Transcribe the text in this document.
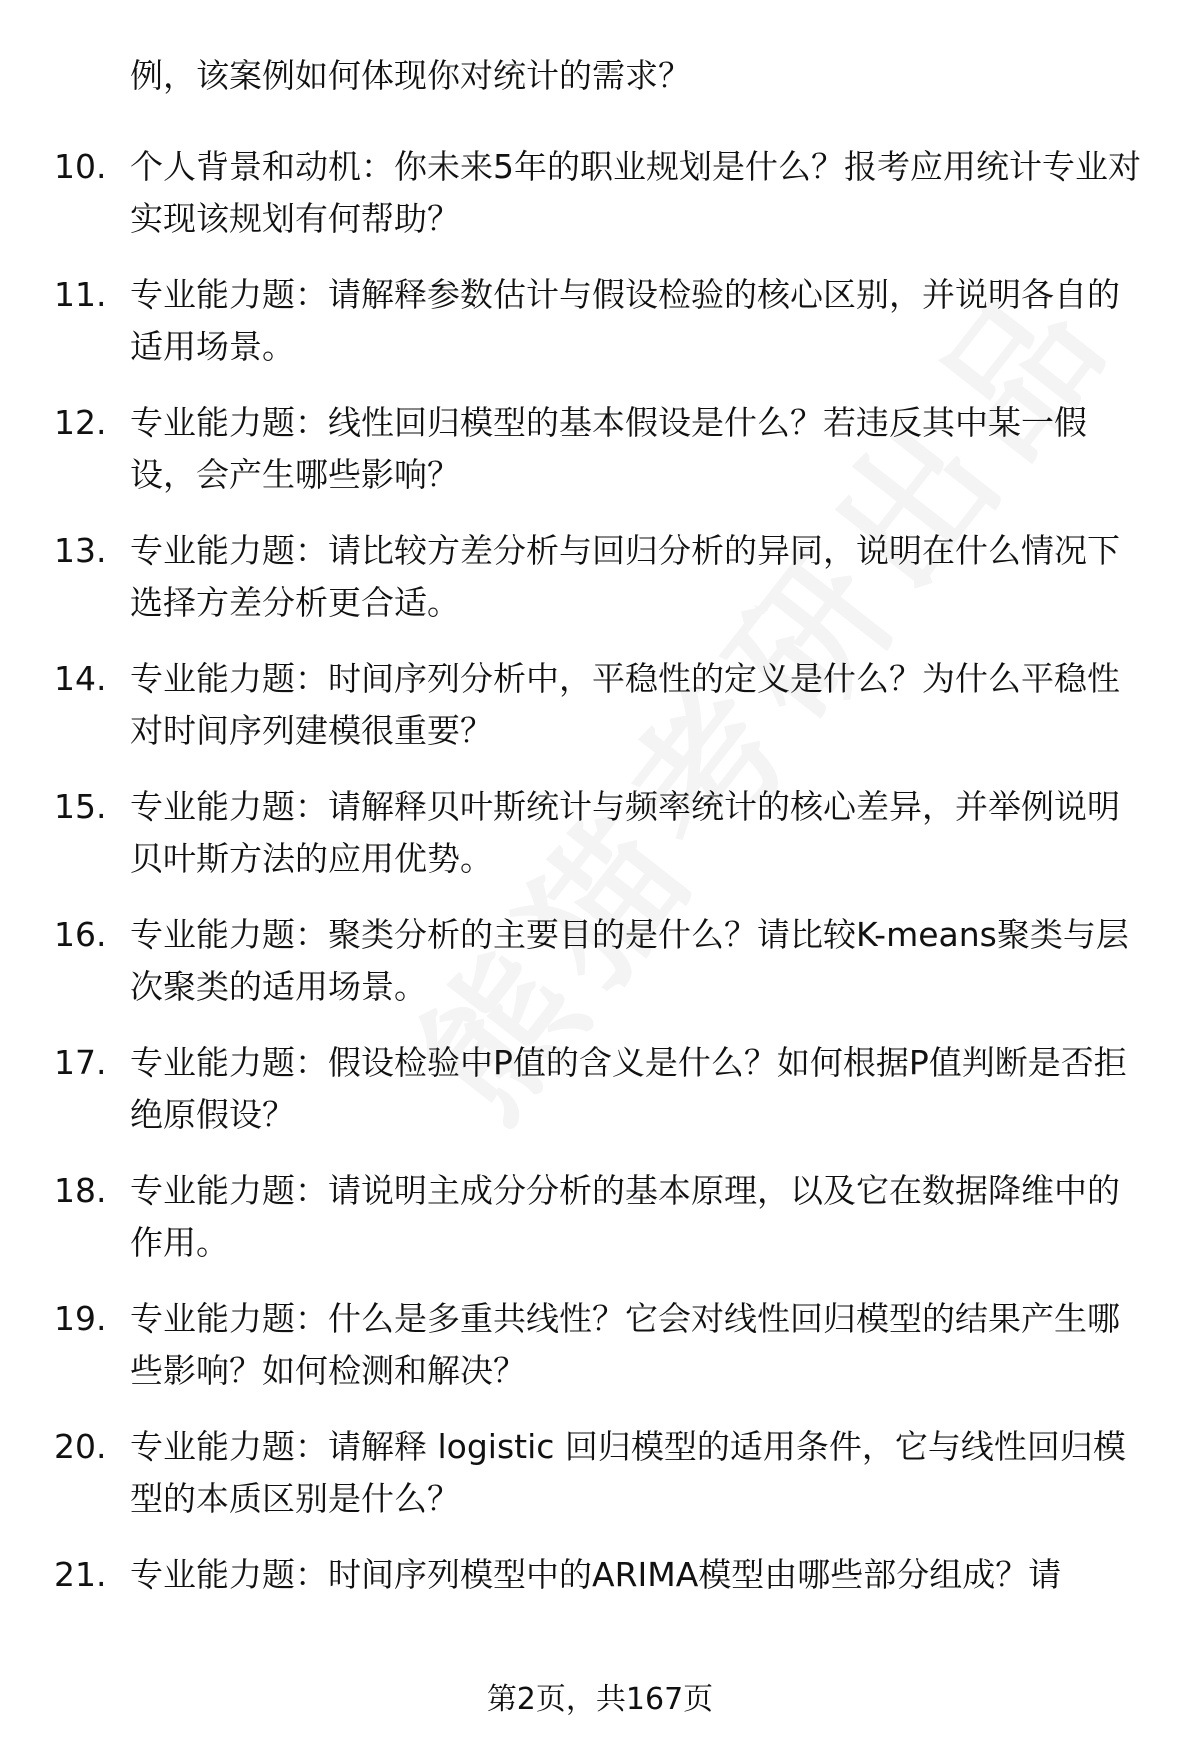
例，该案例如何体现你对统计的需求？
10. 个人背景和动机：你未来5年的职业规划是什么？报考应用统计专业对实现该规划有何帮助？
11. 专业能力题：请解释参数估计与假设检验的核心区别，并说明各自的适用场景。
12. 专业能力题：线性回归模型的基本假设是什么？若违反其中某一假设，会产生哪些影响？
13. 专业能力题：请比较方差分析与回归分析的异同，说明在什么情况下选择方差分析更合适。
14. 专业能力题：时间序列分析中，平稳性的定义是什么？为什么平稳性对时间序列建模很重要？
15. 专业能力题：请解释贝叶斯统计与频率统计的核心差异，并举例说明贝叶斯方法的应用优势。
16. 专业能力题：聚类分析的主要目的是什么？请比较K-means聚类与层次聚类的适用场景。
17. 专业能力题：假设检验中P值的含义是什么？如何根据P值判断是否拒绝原假设？
18. 专业能力题：请说明主成分分析的基本原理，以及它在数据降维中的作用。
19. 专业能力题：什么是多重共线性？它会对线性回归模型的结果产生哪些影响？如何检测和解决？
20. 专业能力题：请解释 logistic 回归模型的适用条件，它与线性回归模型的本质区别是什么？
21. 专业能力题：时间序列模型中的ARIMA模型由哪些部分组成？请
第2页，共167页
